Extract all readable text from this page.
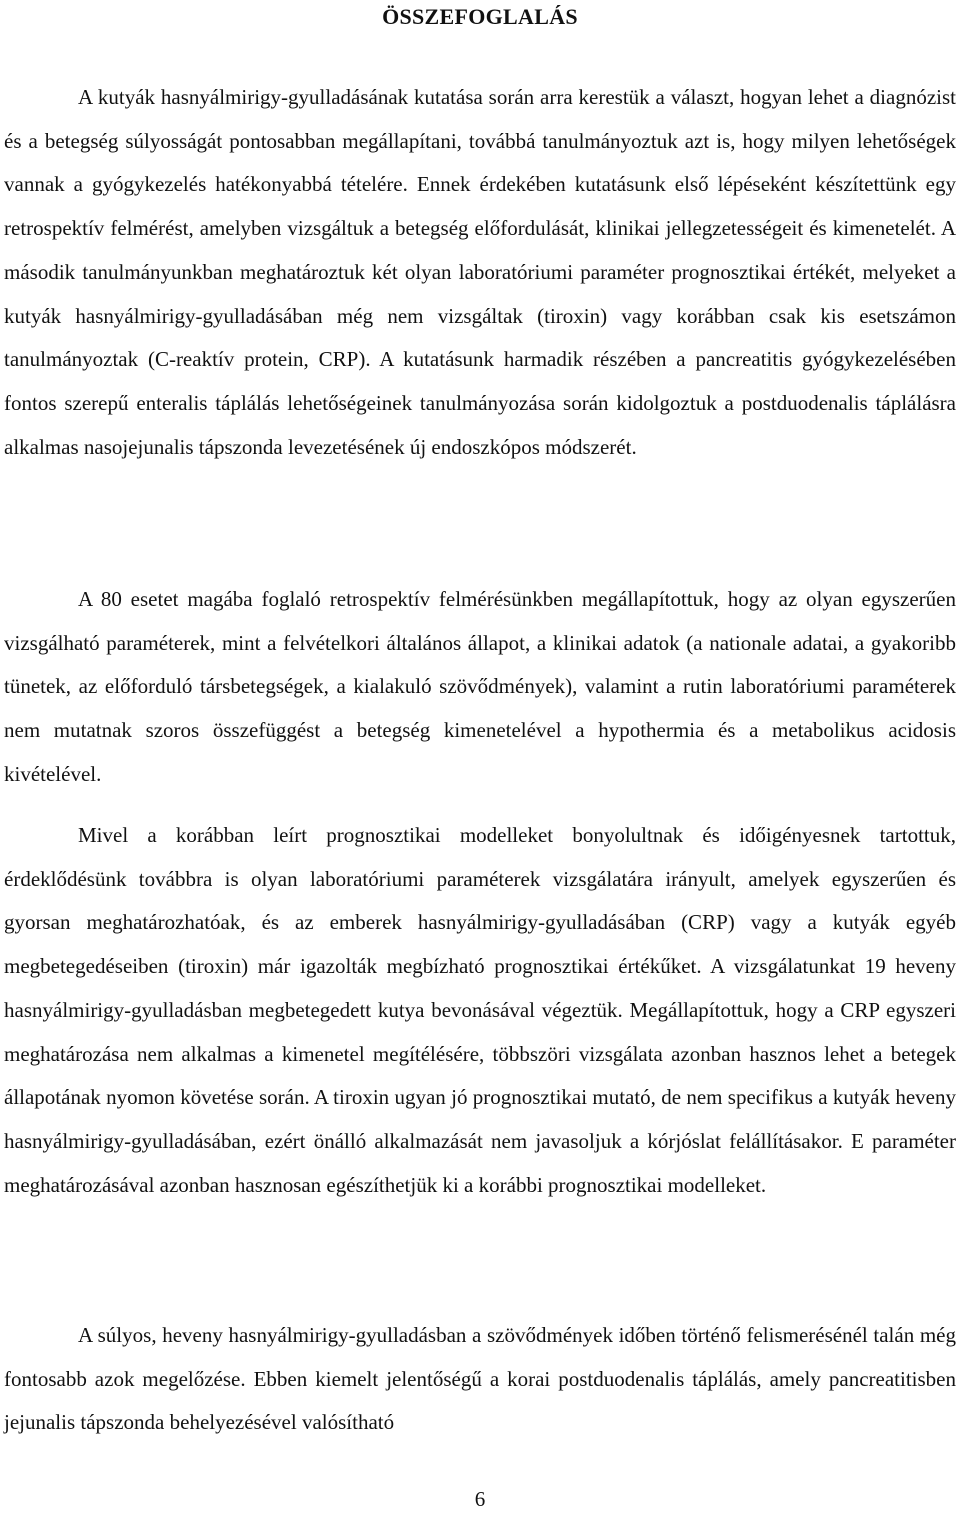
ÖSSZEFOGLALÁS

A kutyák hasnyálmirigy-gyulladásának kutatása során arra kerestük a választ, hogyan lehet a diagnózist és a betegség súlyosságát pontosabban megállapítani, továbbá tanulmányoztuk azt is, hogy milyen lehetőségek vannak a gyógykezelés hatékonyabbá tételére. Ennek érdekében kutatásunk első lépéseként készítettünk egy retrospektív felmérést, amelyben vizsgáltuk a betegség előfordulását, klinikai jellegzetességeit és kimenetelét. A második tanulmányunkban meghatároztuk két olyan laboratóriumi paraméter prognosztikai értékét, melyeket a kutyák hasnyálmirigy-gyulladásában még nem vizsgáltak (tiroxin) vagy korábban csak kis esetszámon tanulmányoztak (C-reaktív protein, CRP). A kutatásunk harmadik részében a pancreatitis gyógykezelésében fontos szerepű enteralis táplálás lehetőségeinek tanulmányozása során kidolgoztuk a postduodenalis táplálásra alkalmas nasojejunalis tápszonda levezetésének új endoszkópos módszerét.

A 80 esetet magába foglaló retrospektív felmérésünkben megállapítottuk, hogy az olyan egyszerűen vizsgálható paraméterek, mint a felvételkori általános állapot, a klinikai adatok (a nationale adatai, a gyakoribb tünetek, az előforduló társbetegségek, a kialakuló szövődmények), valamint a rutin laboratóriumi paraméterek nem mutatnak szoros összefüggést a betegség kimenetelével a hypothermia és a metabolikus acidosis kivételével.

Mivel a korábban leírt prognosztikai modelleket bonyolultnak és időigényesnek tartottuk, érdeklődésünk továbbra is olyan laboratóriumi paraméterek vizsgálatára irányult, amelyek egyszerűen és gyorsan meghatározhatóak, és az emberek hasnyálmirigy-gyulladásában (CRP) vagy a kutyák egyéb megbetegedéseiben (tiroxin) már igazolták megbízható prognosztikai értékűket. A vizsgálatunkat 19 heveny hasnyálmirigy-gyulladásban megbetegedett kutya bevonásával végeztük. Megállapítottuk, hogy a CRP egyszeri meghatározása nem alkalmas a kimenetel megítélésére, többszöri vizsgálata azonban hasznos lehet a betegek állapotának nyomon követése során. A tiroxin ugyan jó prognosztikai mutató, de nem specifikus a kutyák heveny hasnyálmirigy-gyulladásában, ezért önálló alkalmazását nem javasoljuk a kórjóslat felállításakor. E paraméter meghatározásával azonban hasznosan egészíthetjük ki a korábbi prognosztikai modelleket.

A súlyos, heveny hasnyálmirigy-gyulladásban a szövődmények időben történő felismerésénél talán még fontosabb azok megelőzése. Ebben kiemelt jelentőségű a korai postduodenalis táplálás, amely pancreatitisben jejunalis tápszonda behelyezésével valósítható

6
